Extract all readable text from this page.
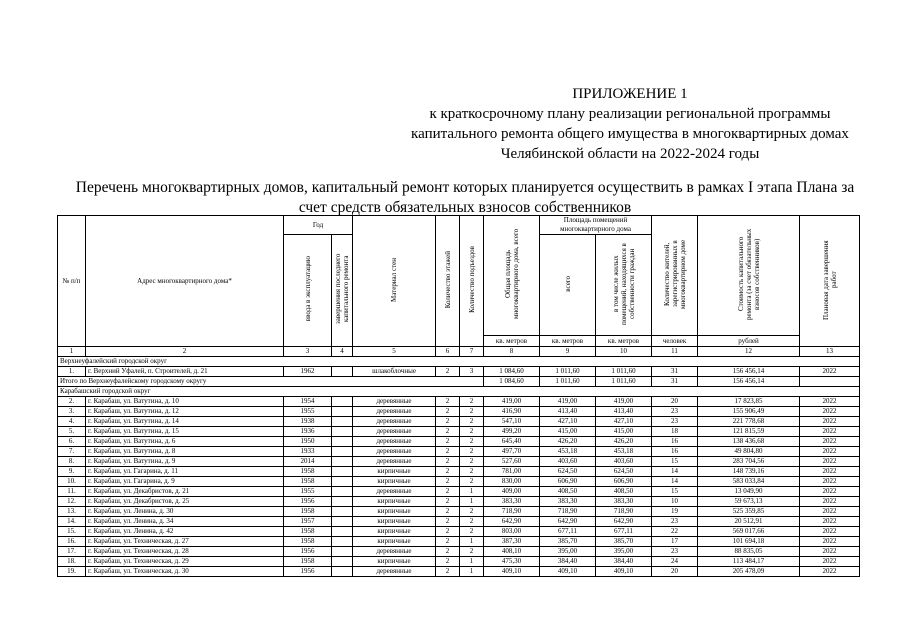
ПРИЛОЖЕНИЕ 1
к краткосрочному плану реализации региональной программы
капитального ремонта общего имущества в многоквартирных домах
Челябинской области на 2022-2024 годы
Перечень многоквартирных домов, капитальный ремонт которых планируется осуществить в рамках I этапа Плана за
счет средств обязательных взносов собственников
№ п/п	Адрес многоквартирного дома*	Год		Материал стен	Количество этажей	Количество подъездов	Общая площадь многоквартирного дома, всего	Площадь помещений многоквартирного дома		Количество жителей, зарегистрированных в многоквартирном доме	Стоимость капитального ремонта (за счет обязательных взносов собственников)	Плановая дата завершения работ
		ввода в эксплуатацию	завершения последнего капитального ремонта					всего	в том числе жилых помещений, находящихся в собственности граждан			
							кв. метров	кв. метров	кв. метров	человек	рублей	
1	2	3	4	5	6	7	8	9	10	11	12	13
Верхнеуфалейский городской округ												
1.	г. Верхний Уфалей, п. Строителей, д. 21	1962		шлакоблочные	2	3	1 084,60	1 011,60	1 011,60	31	156 456,14	2022
Итого по Верхнеуфалейскому городскому округу							1 084,60	1 011,60	1 011,60	31	156 456,14	
Карабашский городской округ												
2.	г. Карабаш, ул. Ватутина, д. 10	1954		деревянные	2	2	419,00	419,00	419,00	20	17 823,85	2022
3.	г. Карабаш, ул. Ватутина, д. 12	1955		деревянные	2	2	416,90	413,40	413,40	23	155 906,49	2022
4.	г. Карабаш, ул. Ватутина, д. 14	1938		деревянные	2	2	547,10	427,10	427,10	23	221 778,68	2022
5.	г. Карабаш, ул. Ватутина, д. 15	1936		деревянные	2	2	499,20	415,00	415,00	18	121 815,59	2022
6.	г. Карабаш, ул. Ватутина, д. 6	1950		деревянные	2	2	645,40	426,20	426,20	16	138 436,68	2022
7.	г. Карабаш, ул. Ватутина, д. 8	1933		деревянные	2	2	497,70	453,18	453,18	16	49 804,80	2022
8.	г. Карабаш, ул. Ватутина, д. 9	2014		деревянные	2	2	527,60	403,60	403,60	15	283 704,56	2022
9.	г. Карабаш, ул. Гагарина, д. 11	1958		кирпичные	2	2	781,00	624,50	624,50	14	148 739,16	2022
10.	г. Карабаш, ул. Гагарина, д. 9	1958		кирпичные	2	2	830,00	606,90	606,90	14	583 033,84	2022
11.	г. Карабаш, ул. Декабристов, д. 21	1955		деревянные	2	1	409,00	408,50	408,50	15	13 049,90	2022
12.	г. Карабаш, ул. Декабристов, д. 25	1956		кирпичные	2	1	383,30	383,30	383,30	10	59 673,13	2022
13.	г. Карабаш, ул. Ленина, д. 30	1958		кирпичные	2	2	718,90	718,90	718,90	19	525 359,85	2022
14.	г. Карабаш, ул. Ленина, д. 34	1957		кирпичные	2	2	642,90	642,90	642,90	23	20 512,91	2022
15.	г. Карабаш, ул. Ленина, д. 42	1958		кирпичные	2	2	803,00	677,11	677,11	22	569 017,66	2022
16.	г. Карабаш, ул. Техническая, д. 27	1958		кирпичные	2	1	387,30	385,70	385,70	17	101 694,18	2022
17.	г. Карабаш, ул. Техническая, д. 28	1956		деревянные	2	2	408,10	395,00	395,00	23	88 835,05	2022
18.	г. Карабаш, ул. Техническая, д. 29	1958		кирпичные	2	1	475,30	384,40	384,40	24	113 484,17	2022
19.	г. Карабаш, ул. Техническая, д. 30	1956		деревянные	2	1	409,10	409,10	409,10	20	205 478,09	2022
